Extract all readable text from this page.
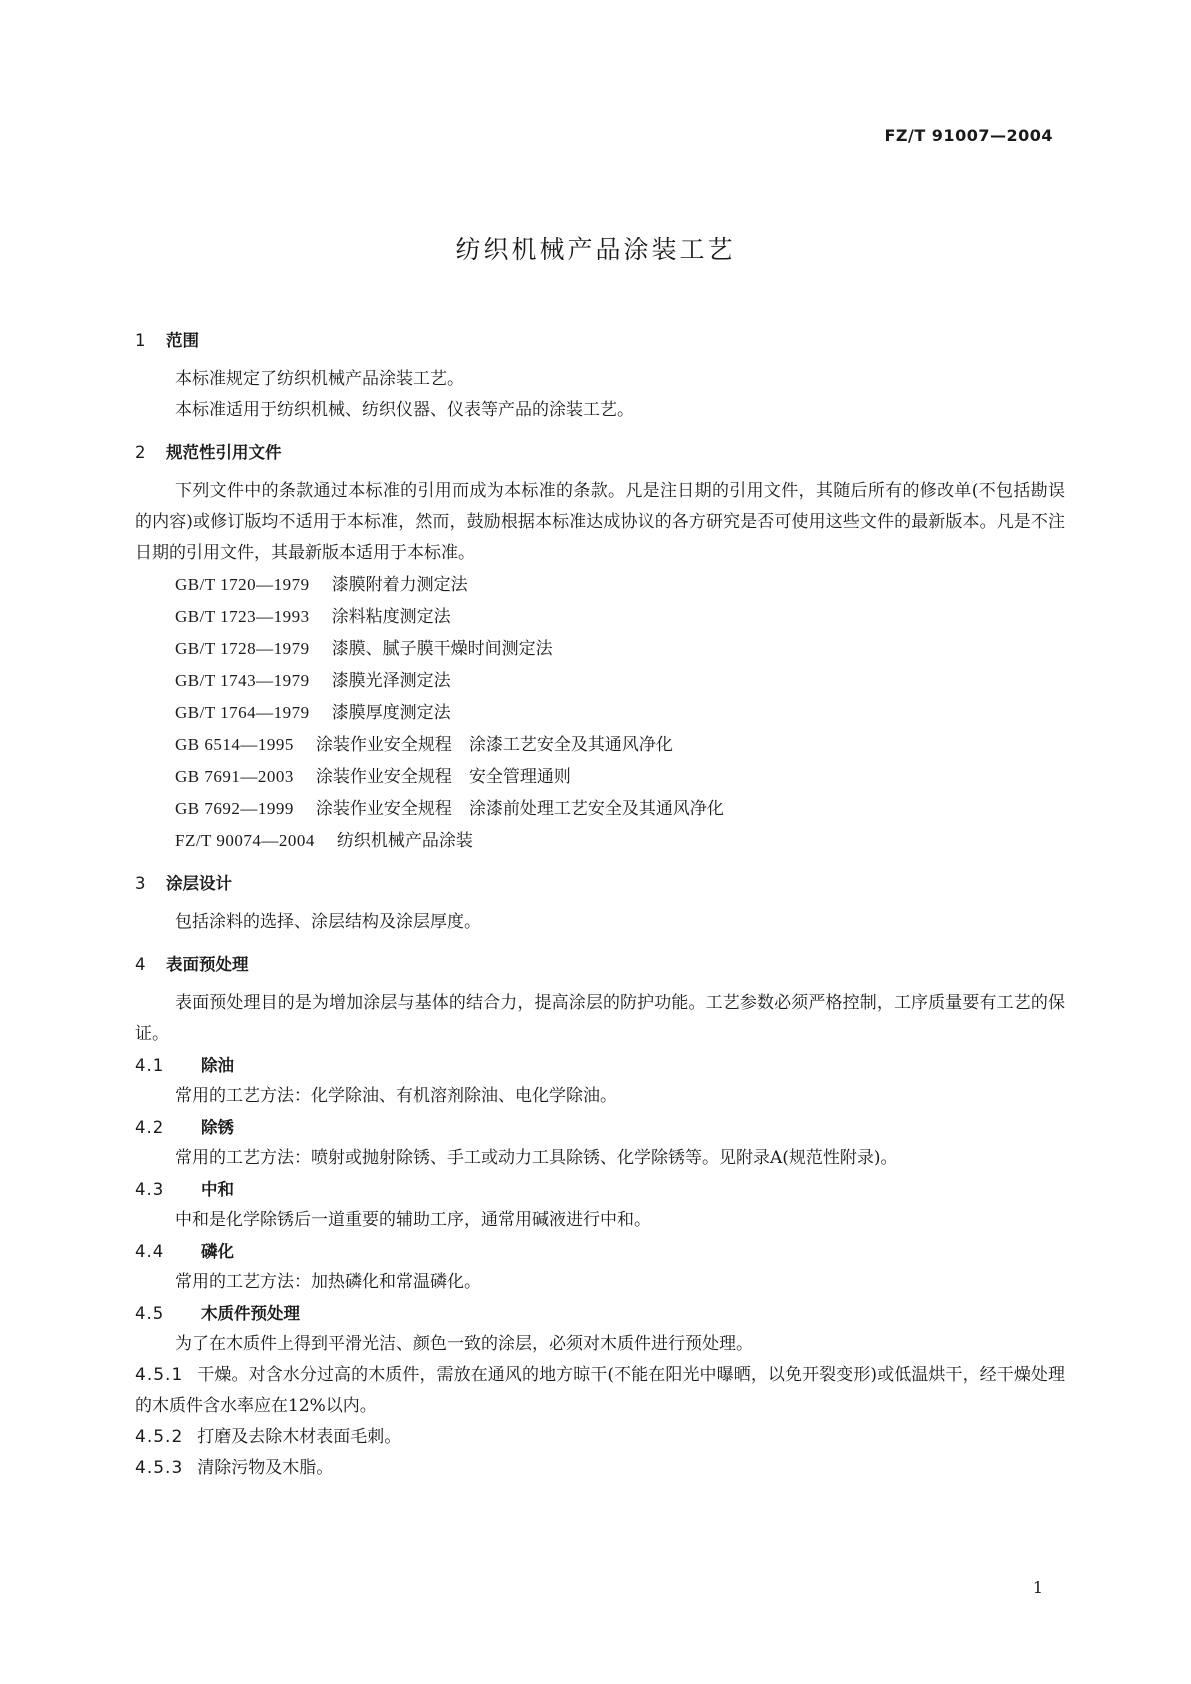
FZ/T 91007—2004
纺织机械产品涂装工艺
1 范围

本标准规定了纺织机械产品涂装工艺。

本标准适用于纺织机械、纺织仪器、仪表等产品的涂装工艺。

2 规范性引用文件

下列文件中的条款通过本标准的引用而成为本标准的条款。凡是注日期的引用文件，其随后所有的修改单(不包括勘误的内容)或修订版均不适用于本标准，然而，鼓励根据本标准达成协议的各方研究是否可使用这些文件的最新版本。凡是不注日期的引用文件，其最新版本适用于本标准。

GB/T 1720—1979 漆膜附着力测定法
GB/T 1723—1993 涂料粘度测定法
GB/T 1728—1979 漆膜、腻子膜干燥时间测定法
GB/T 1743—1979 漆膜光泽测定法
GB/T 1764—1979 漆膜厚度测定法
GB 6514—1995 涂装作业安全规程　涂漆工艺安全及其通风净化
GB 7691—2003 涂装作业安全规程　安全管理通则
GB 7692—1999 涂装作业安全规程　涂漆前处理工艺安全及其通风净化
FZ/T 90074—2004 纺织机械产品涂装
3 涂层设计

包括涂料的选择、涂层结构及涂层厚度。

4 表面预处理

表面预处理目的是为增加涂层与基体的结合力，提高涂层的防护功能。工艺参数必须严格控制，工序质量要有工艺的保证。

4.1 除油

常用的工艺方法：化学除油、有机溶剂除油、电化学除油。

4.2 除锈

常用的工艺方法：喷射或抛射除锈、手工或动力工具除锈、化学除锈等。见附录A(规范性附录)。

4.3 中和

中和是化学除锈后一道重要的辅助工序，通常用碱液进行中和。

4.4 磷化

常用的工艺方法：加热磷化和常温磷化。

4.5 木质件预处理

为了在木质件上得到平滑光洁、颜色一致的涂层，必须对木质件进行预处理。

4.5.1 干燥。对含水分过高的木质件，需放在通风的地方晾干(不能在阳光中曝晒，以免开裂变形)或低温烘干，经干燥处理的木质件含水率应在12%以内。

4.5.2 打磨及去除木材表面毛刺。

4.5.3 清除污物及木脂。

1
